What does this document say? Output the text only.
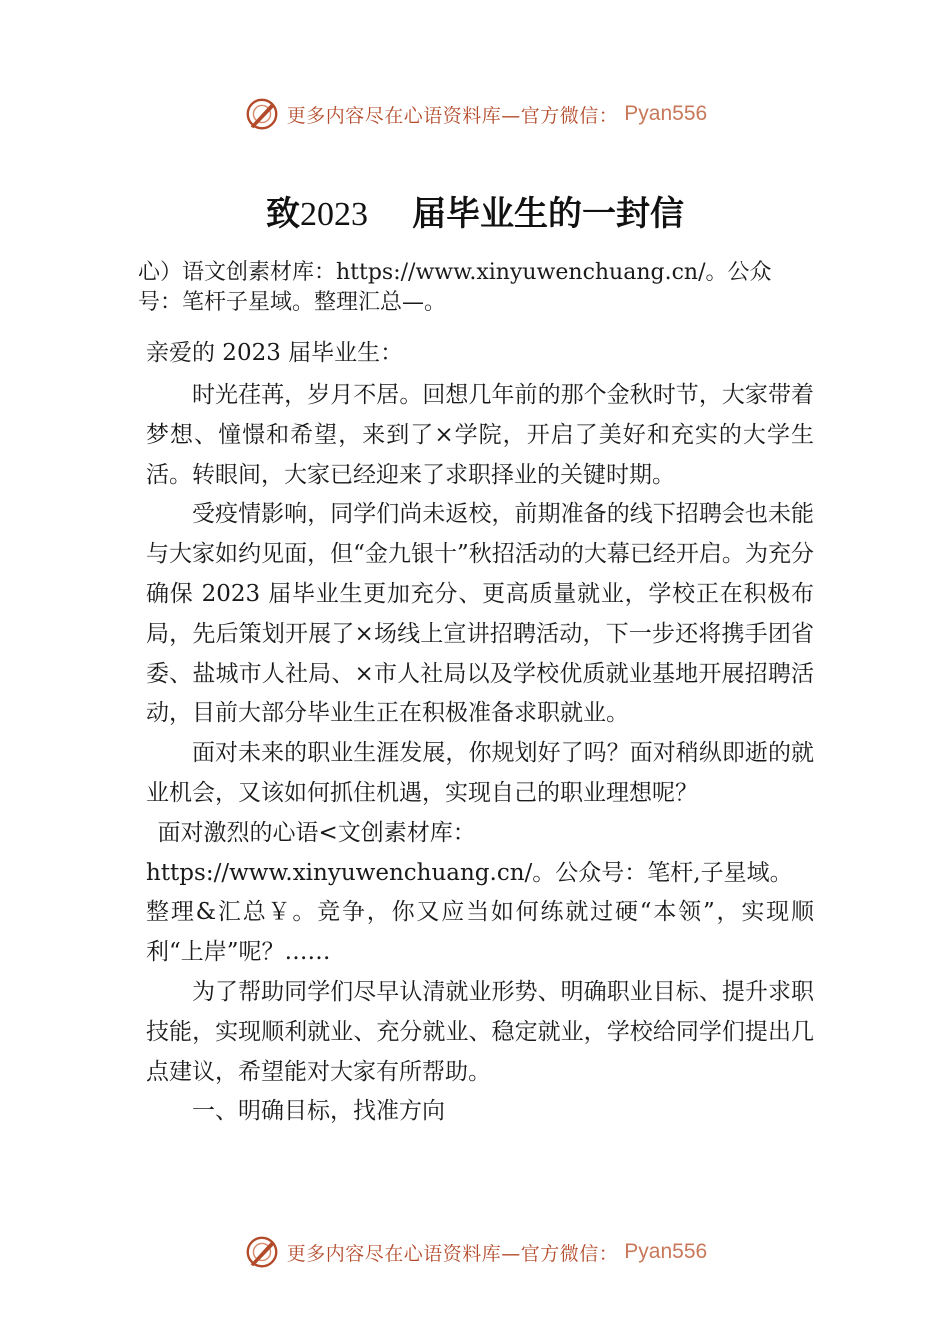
更多内容尽在心语资料库—官方微信： Pyan556
致2023 届毕业生的一封信
心）语文创素材库：https://www.xinyuwenchuang.cn/。公众
号：笔杆子星域。整理汇总—。
亲爱的 2023 届毕业生：

时光荏苒，岁月不居。回想几年前的那个金秋时节，大家带着梦想、憧憬和希望，来到了×学院，开启了美好和充实的大学生活。转眼间，大家已经迎来了求职择业的关键时期。

受疫情影响，同学们尚未返校，前期准备的线下招聘会也未能与大家如约见面，但“金九银十”秋招活动的大幕已经开启。为充分确保 2023 届毕业生更加充分、更高质量就业，学校正在积极布局，先后策划开展了×场线上宣讲招聘活动，下一步还将携手团省委、盐城市人社局、×市人社局以及学校优质就业基地开展招聘活动，目前大部分毕业生正在积极准备求职就业。

面对未来的职业生涯发展，你规划好了吗？面对稍纵即逝的就业机会，又该如何抓住机遇，实现自己的职业理想呢？

面对激烈的心语<文创素材库：
https://www.xinyuwenchuang.cn/。公众号：笔杆,子星域。
整理&汇总￥。竞争，你又应当如何练就过硬“本领”，实现顺利“上岸”呢？……

为了帮助同学们尽早认清就业形势、明确职业目标、提升求职技能，实现顺利就业、充分就业、稳定就业，学校给同学们提出几点建议，希望能对大家有所帮助。

一、明确目标，找准方向

更多内容尽在心语资料库—官方微信： Pyan556
